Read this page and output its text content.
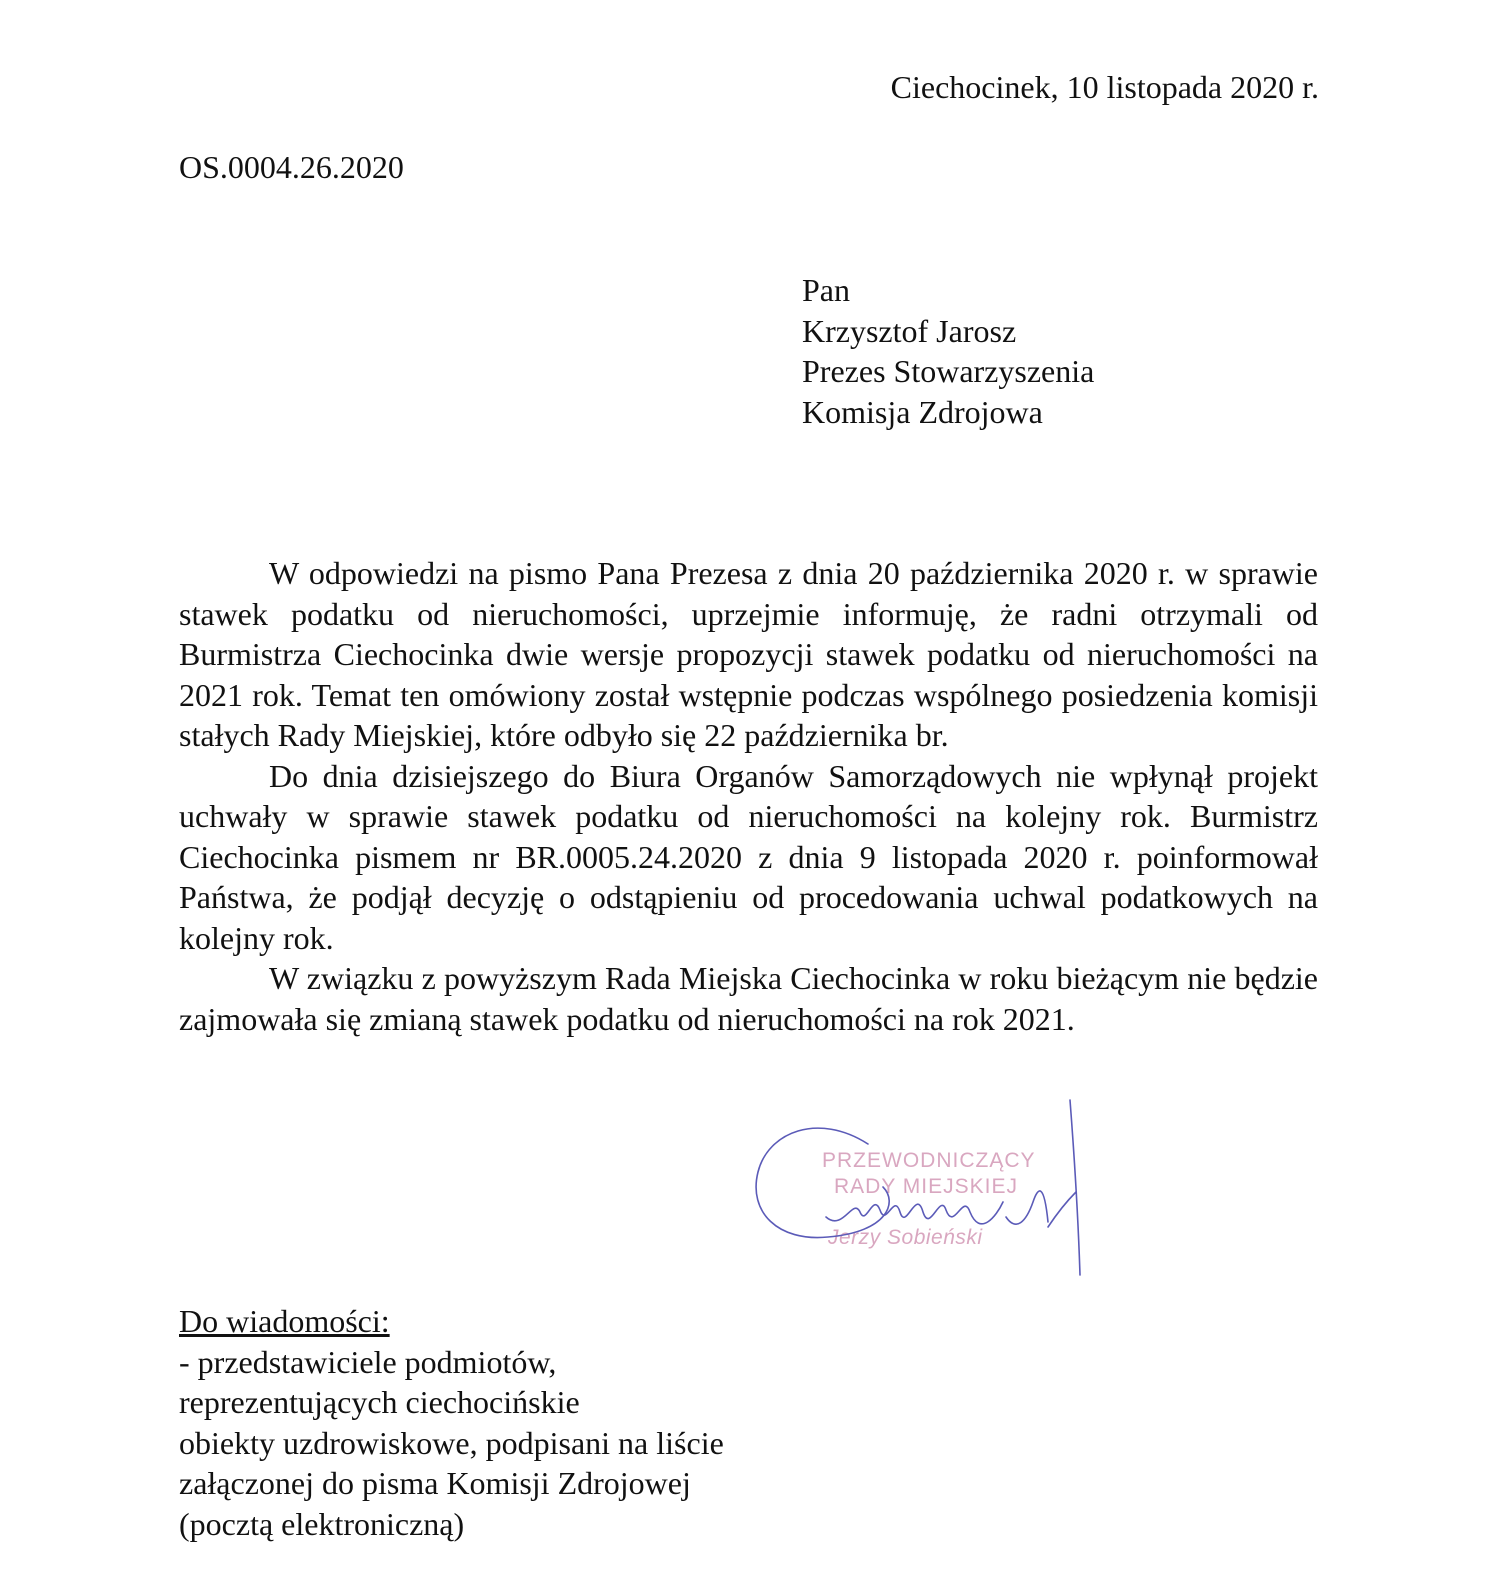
Ciechocinek, 10 listopada 2020 r.
OS.0004.26.2020
Pan
Krzysztof Jarosz
Prezes Stowarzyszenia
Komisja Zdrojowa

W odpowiedzi na pismo Pana Prezesa z dnia 20 października 2020 r. w sprawie stawek podatku od nieruchomości, uprzejmie informuję, że radni otrzymali od Burmistrza Ciechocinka dwie wersje propozycji stawek podatku od nieruchomości na 2021 rok. Temat ten omówiony został wstępnie podczas wspólnego posiedzenia komisji stałych Rady Miejskiej, które odbyło się 22 października br.

Do dnia dzisiejszego do Biura Organów Samorządowych nie wpłynął projekt uchwały w sprawie stawek podatku od nieruchomości na kolejny rok. Burmistrz Ciechocinka pismem nr BR.0005.24.2020 z dnia 9 listopada 2020 r. poinformował Państwa, że podjął decyzję o odstąpieniu od procedowania uchwal podatkowych na kolejny rok.

W związku z powyższym Rada Miejska Ciechocinka w roku bieżącym nie będzie zajmowała się zmianą stawek podatku od nieruchomości na rok 2021.

PRZEWODNICZĄCY
RADY MIEJSKIEJ
Jerzy Sobieński
Do wiadomości:
- przedstawiciele podmiotów,
reprezentujących ciechocińskie
obiekty uzdrowiskowe, podpisani na liście
załączonej do pisma Komisji Zdrojowej
(pocztą elektroniczną)
